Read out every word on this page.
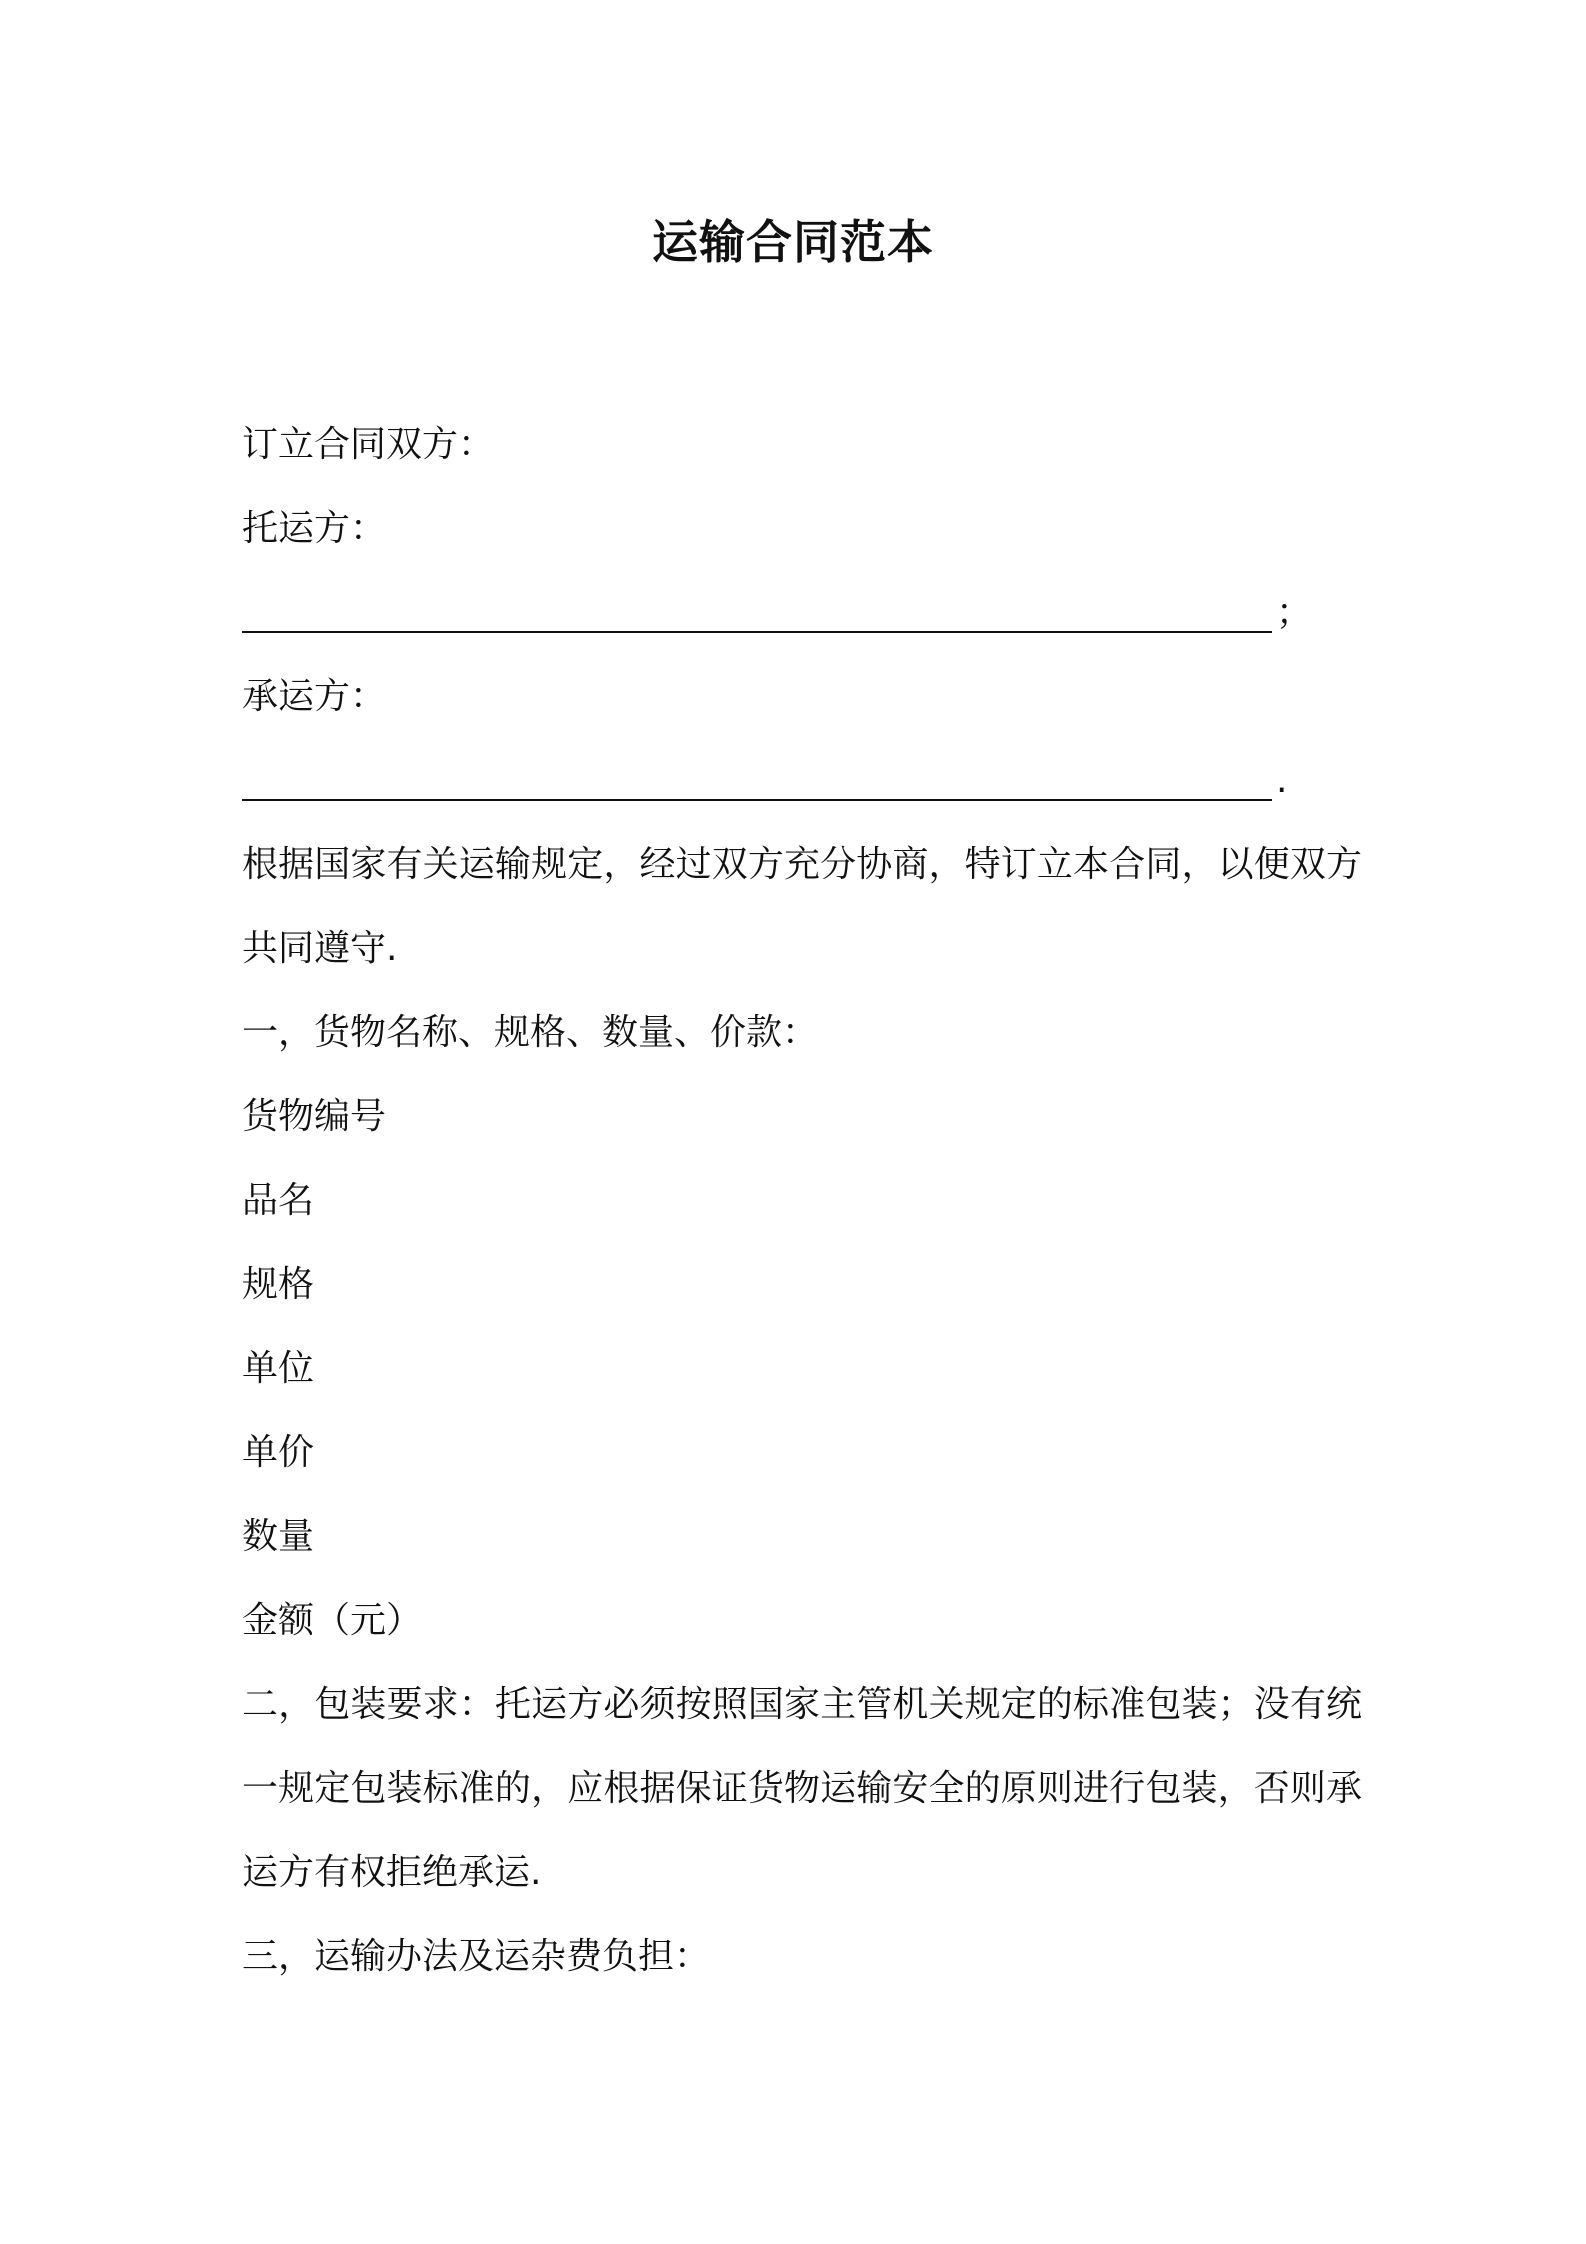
运输合同范本
订立合同双方：
托运方：
；
承运方：
.
根据国家有关运输规定，经过双方充分协商，特订立本合同，以便双方共同遵守.
一，货物名称、规格、数量、价款：
货物编号
品名
规格
单位
单价
数量
金额（元）
二，包装要求：托运方必须按照国家主管机关规定的标准包装；没有统一规定包装标准的，应根据保证货物运输安全的原则进行包装，否则承运方有权拒绝承运.
三，运输办法及运杂费负担：
